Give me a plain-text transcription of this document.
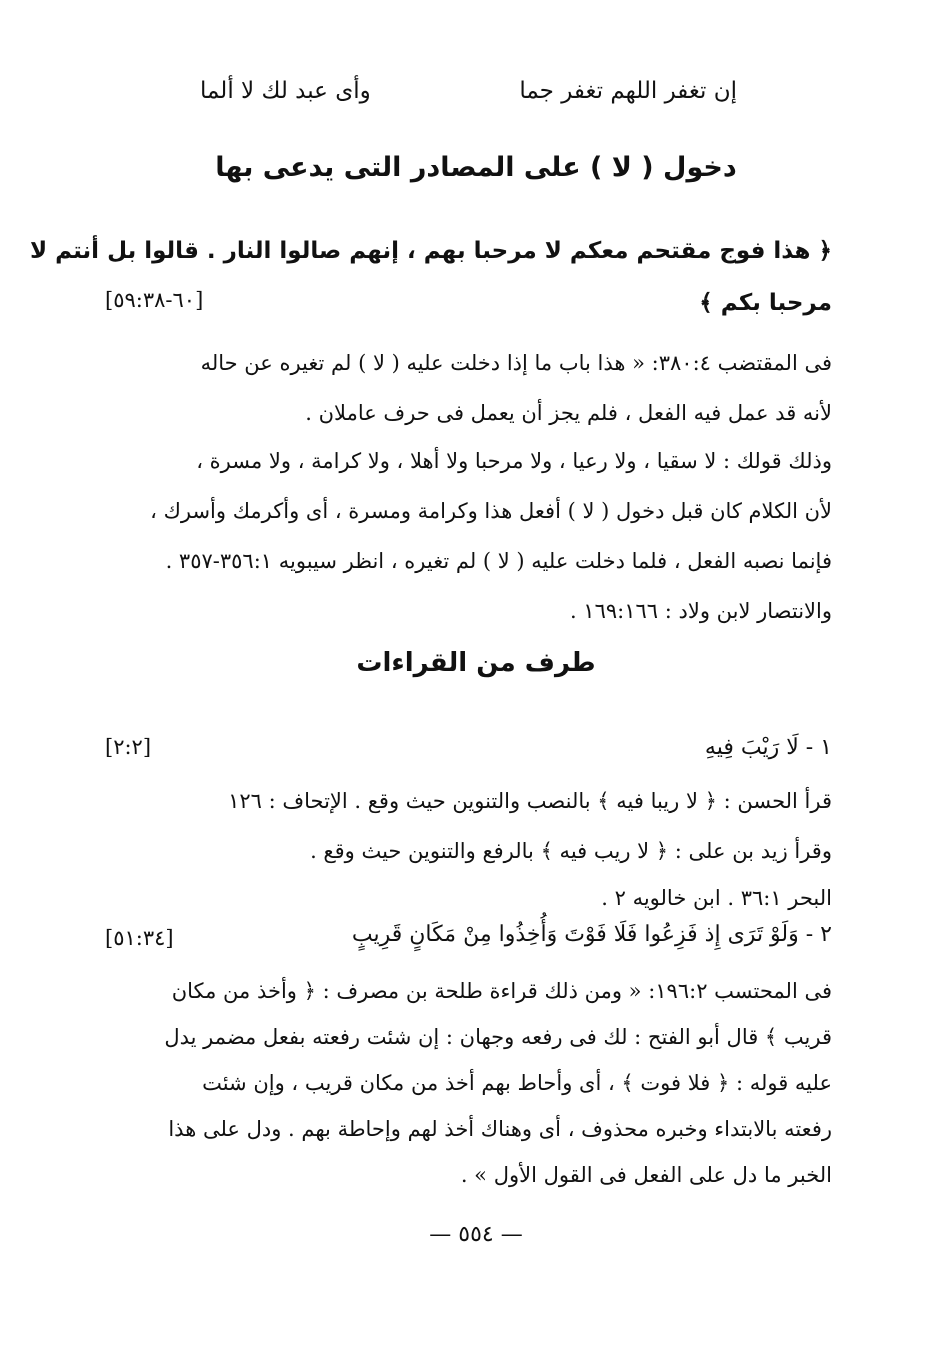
إن تغفر اللهم تغفر جما
وأى عبد لك لا ألما
دخول ( لا ) على المصادر التى يدعى بها
﴿ هذا فوج مقتحم معكم لا مرحبا بهم ، إنهم صالوا النار . قالوا بل أنتم لا
[٦٠-٥٩:٣٨]	مرحبا بكم ﴾
فى المقتضب ٣٨٠:٤: « هذا باب ما إذا دخلت عليه ( لا ) لم تغيره عن حاله
لأنه قد عمل فيه الفعل ، فلم يجز أن يعمل فى حرف عاملان .
وذلك قولك : لا سقيا ، ولا رعيا ، ولا مرحبا ولا أهلا ، ولا كرامة ، ولا مسرة ،
لأن الكلام كان قبل دخول ( لا ) أفعل هذا وكرامة ومسرة ، أى وأكرمك وأسرك ،
فإنما نصبه الفعل ، فلما دخلت عليه ( لا ) لم تغيره ، انظر سيبويه ٣٥٦:١-٣٥٧ .
والانتصار لابن ولاد : ١٦٩:١٦٦ .
طرف من القراءات
١ - لَا رَيْبَ فِيهِ
[٢:٢]
قرأ الحسن : ﴿ لا ريبا فيه ﴾ بالنصب والتنوين حيث وقع . الإتحاف : ١٢٦
وقرأ زيد بن على : ﴿ لا ريب فيه ﴾ بالرفع والتنوين حيث وقع .
البحر ٣٦:١ . ابن خالويه ٢ .
٢ - وَلَوْ تَرَى إِذ فَزِعُوا فَلَا فَوْتَ وَأُخِذُوا مِنْ مَكَانٍ قَرِيبٍ
[٥١:٣٤]
فى المحتسب ١٩٦:٢: « ومن ذلك قراءة طلحة بن مصرف : ﴿ وأخذ من مكان
قريب ﴾ قال أبو الفتح : لك فى رفعه وجهان : إن شئت رفعته بفعل مضمر يدل
عليه قوله : ﴿ فلا فوت ﴾ ، أى وأحاط بهم أخذ من مكان قريب ، وإن شئت
رفعته بالابتداء وخبره محذوف ، أى وهناك أخذ لهم وإحاطة بهم . ودل على هذا
الخبر ما دل على الفعل فى القول الأول » .
— ٥٥٤ —
